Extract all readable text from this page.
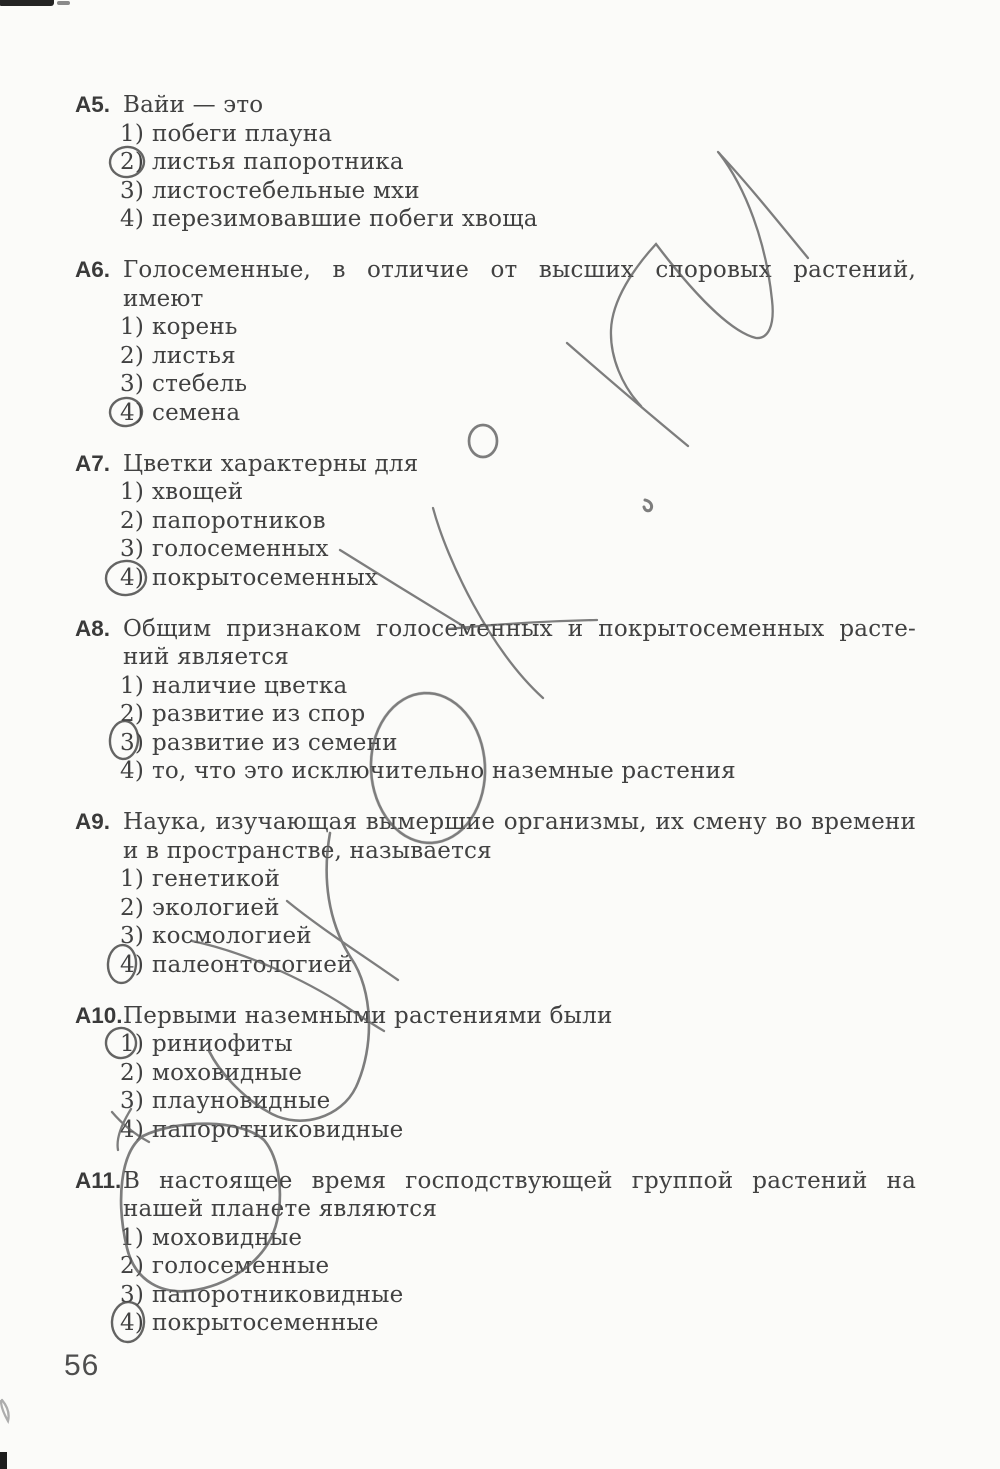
А5. Вайи — это
1) побеги плауна
2) листья папоротника
3) листостебельные мхи
4) перезимовавшие побеги хвоща
А6. Голосеменные, в отличие от высших споровых растений,
имеют
1) корень
2) листья
3) стебель
4) семена
А7. Цветки характерны для
1) хвощей
2) папоротников
3) голосеменных
4) покрытосеменных
А8. Общим признаком голосеменных и покрытосеменных расте-
ний является
1) наличие цветка
2) развитие из спор
3) развитие из семени
4) то, что это исключительно наземные растения
А9. Наука, изучающая вымершие организмы, их смену во времени
и в пространстве, называется
1) генетикой
2) экологией
3) космологией
4) палеонтологией
А10. Первыми наземными растениями были
1) риниофиты
2) моховидные
3) плауновидные
4) папоротниковидные
А11. В настоящее время господствующей группой растений на
нашей планете являются
1) моховидные
2) голосеменные
3) папоротниковидные
4) покрытосеменные
56
